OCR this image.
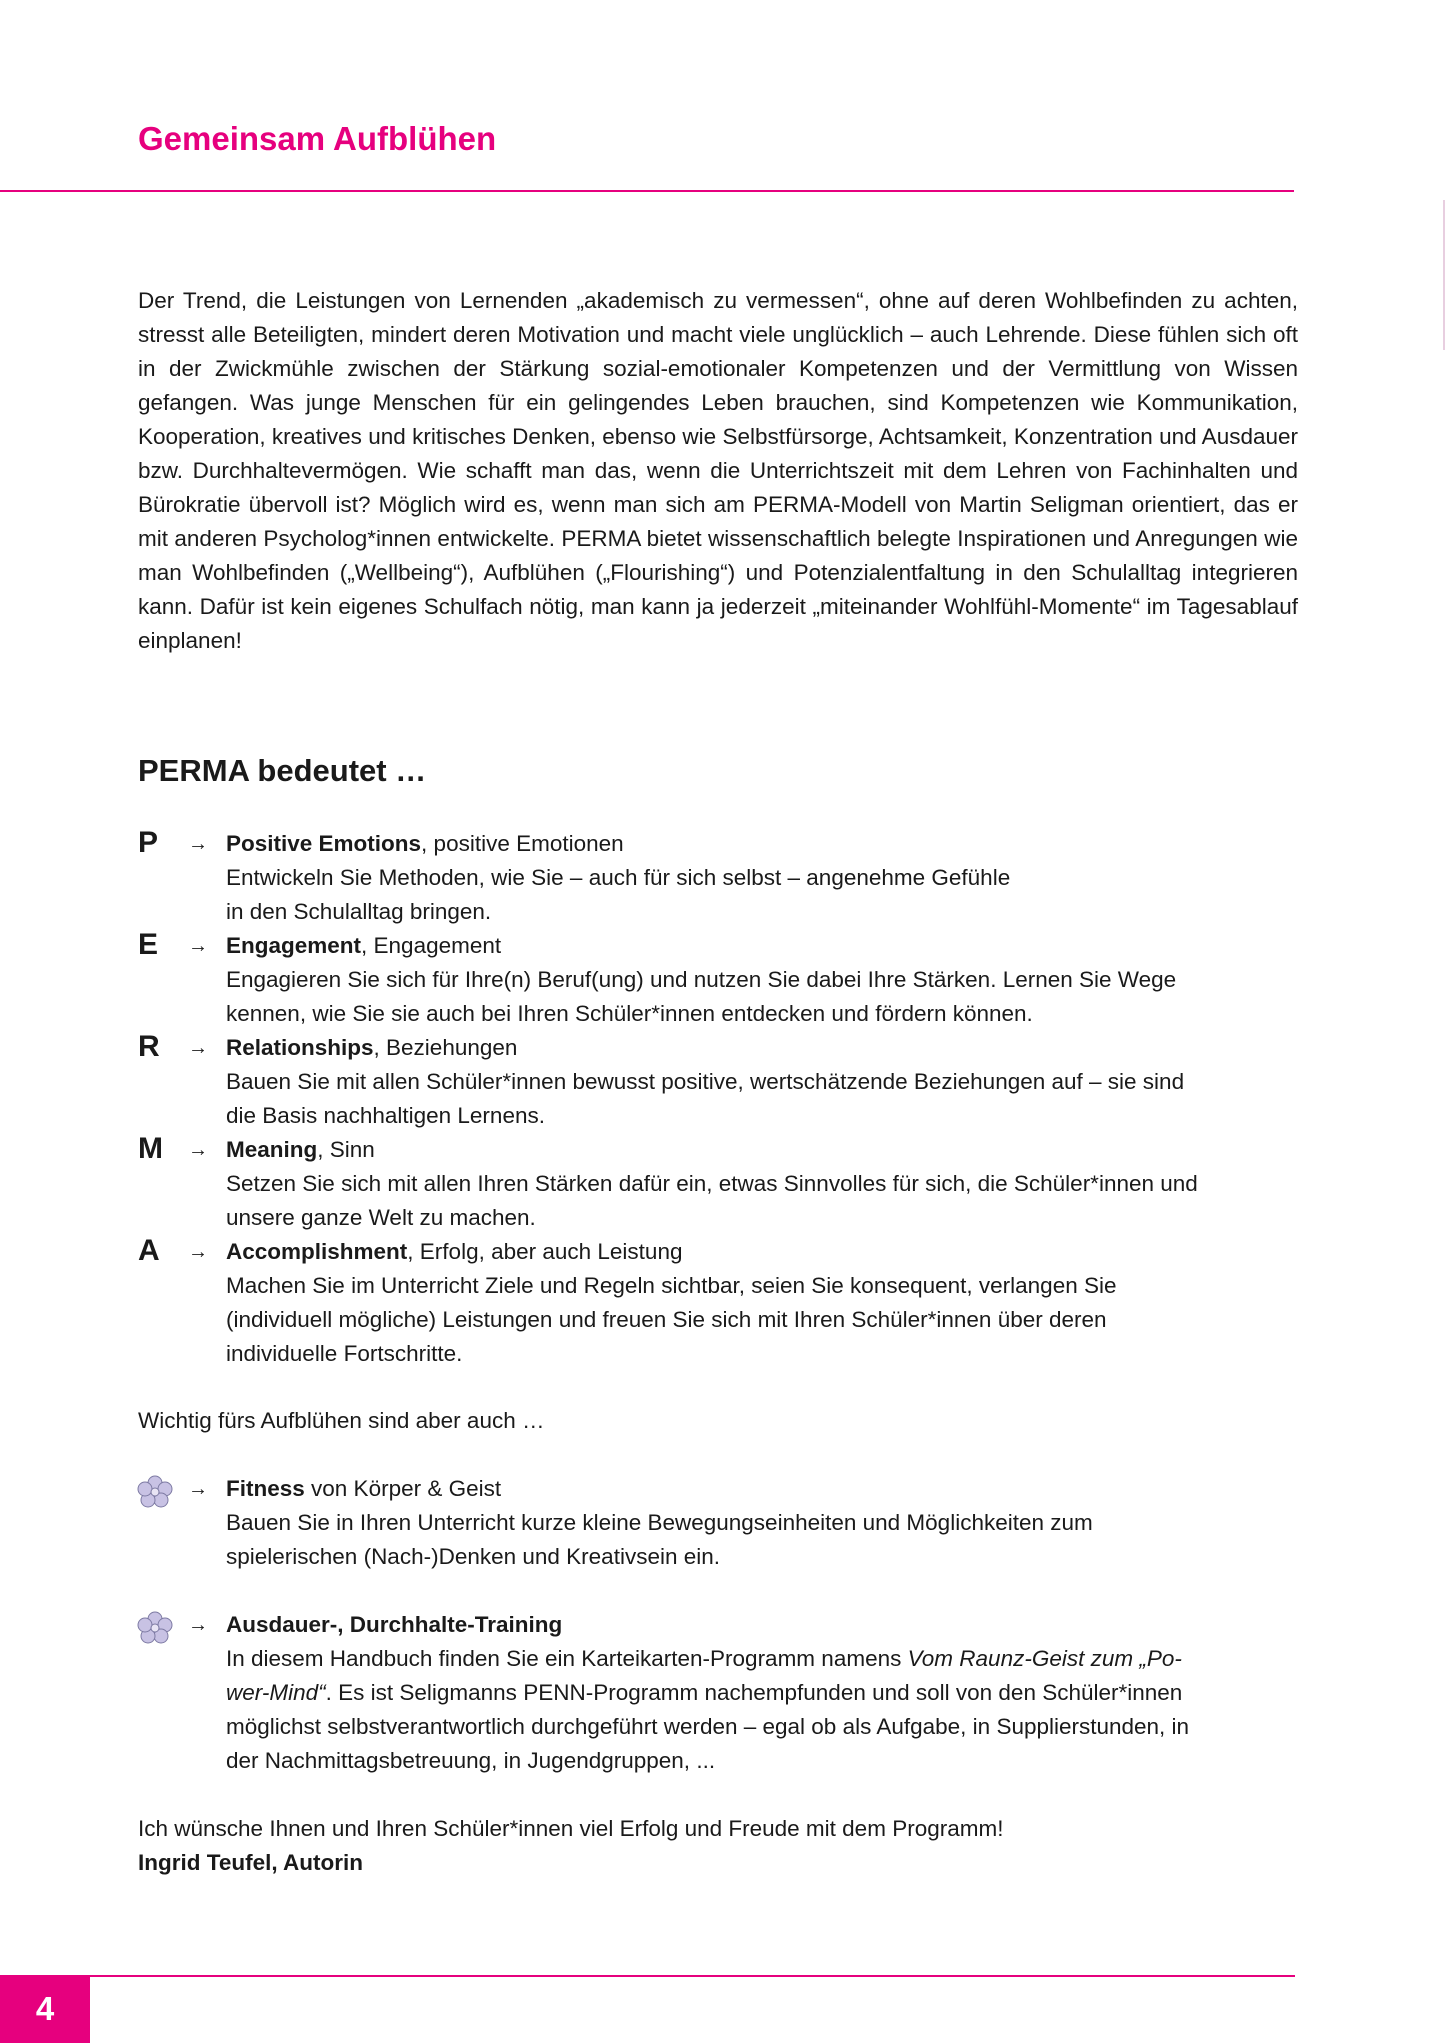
Gemeinsam Aufblühen

Der Trend, die Leistungen von Lernenden „akademisch zu vermessen“, ohne auf deren Wohlbefinden zu achten, stresst alle Beteiligten, mindert deren Motivation und macht viele unglücklich – auch Lehrende. Diese fühlen sich oft in der Zwickmühle zwischen der Stärkung sozial-emotionaler Kompetenzen und der Vermittlung von Wissen gefangen. Was junge Menschen für ein gelingendes Leben brauchen, sind Kompetenzen wie Kommunikation, Kooperation, kreatives und kritisches Denken, ebenso wie Selbstfürsorge, Achtsamkeit, Konzentration und Ausdauer bzw. Durchhaltevermögen. Wie schafft man das, wenn die Unterrichtszeit mit dem Lehren von Fachinhalten und Bürokratie übervoll ist? Möglich wird es, wenn man sich am PERMA-Modell von Martin Seligman orientiert, das er mit anderen Psycholog*innen entwickelte. PERMA bietet wissenschaftlich belegte Inspirationen und Anregungen wie man Wohlbefinden („Wellbeing“), Aufblühen („Flourishing“) und Potenzialentfaltung in den Schulalltag integrieren kann. Dafür ist kein eigenes Schulfach nötig, man kann ja jederzeit „miteinander Wohlfühl-Momente“ im Tagesablauf einplanen!

PERMA bedeutet …
P	→ Positive Emotions, positive Emotionen
Entwickeln Sie Methoden, wie Sie – auch für sich selbst – angenehme Gefühle
in den Schulalltag bringen.
E	→ Engagement, Engagement
Engagieren Sie sich für Ihre(n) Beruf(ung) und nutzen Sie dabei Ihre Stärken. Lernen Sie Wege
kennen, wie Sie sie auch bei Ihren Schüler*innen entdecken und fördern können.
R	→ Relationships, Beziehungen
Bauen Sie mit allen Schüler*innen bewusst positive, wertschätzende Beziehungen auf – sie sind
die Basis nachhaltigen Lernens.
M	→ Meaning, Sinn
Setzen Sie sich mit allen Ihren Stärken dafür ein, etwas Sinnvolles für sich, die Schüler*innen und
unsere ganze Welt zu machen.
A	→ Accomplishment, Erfolg, aber auch Leistung
Machen Sie im Unterricht Ziele und Regeln sichtbar, seien Sie konsequent, verlangen Sie
(individuell mögliche) Leistungen und freuen Sie sich mit Ihren Schüler*innen über deren
individuelle Fortschritte.

Wichtig fürs Aufblühen sind aber auch …

→ Fitness von Körper & Geist
Bauen Sie in Ihren Unterricht kurze kleine Bewegungseinheiten und Möglichkeiten zum
spielerischen (Nach-)Denken und Kreativsein ein.
→ Ausdauer-, Durchhalte-Training
In diesem Handbuch finden Sie ein Karteikarten-Programm namens Vom Raunz-Geist zum „Po-
wer-Mind“. Es ist Seligmanns PENN-Programm nachempfunden und soll von den Schüler*innen
möglichst selbstverantwortlich durchgeführt werden – egal ob als Aufgabe, in Supplierstunden, in
der Nachmittagsbetreuung, in Jugendgruppen, ...

Ich wünsche Ihnen und Ihren Schüler*innen viel Erfolg und Freude mit dem Programm!
Ingrid Teufel, Autorin

4
